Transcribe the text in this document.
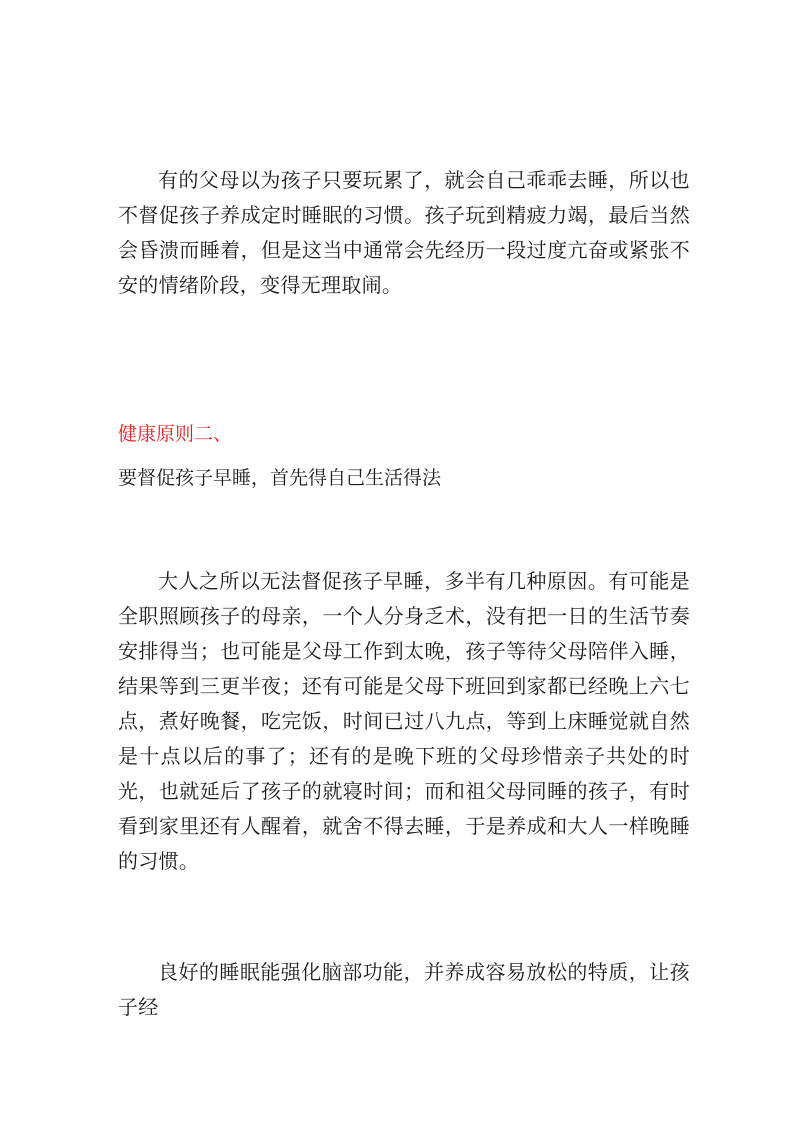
有的父母以为孩子只要玩累了，就会自己乖乖去睡，所以也不督促孩子养成定时睡眠的习惯。孩子玩到精疲力竭，最后当然会昏溃而睡着，但是这当中通常会先经历一段过度亢奋或紧张不安的情绪阶段，变得无理取闹。

健康原则二、

要督促孩子早睡，首先得自己生活得法

大人之所以无法督促孩子早睡，多半有几种原因。有可能是全职照顾孩子的母亲，一个人分身乏术，没有把一日的生活节奏安排得当；也可能是父母工作到太晚，孩子等待父母陪伴入睡，结果等到三更半夜；还有可能是父母下班回到家都已经晚上六七点，煮好晚餐，吃完饭，时间已过八九点，等到上床睡觉就自然是十点以后的事了；还有的是晚下班的父母珍惜亲子共处的时光，也就延后了孩子的就寝时间；而和祖父母同睡的孩子，有时看到家里还有人醒着，就舍不得去睡，于是养成和大人一样晚睡的习惯。

良好的睡眠能强化脑部功能，并养成容易放松的特质，让孩子经
